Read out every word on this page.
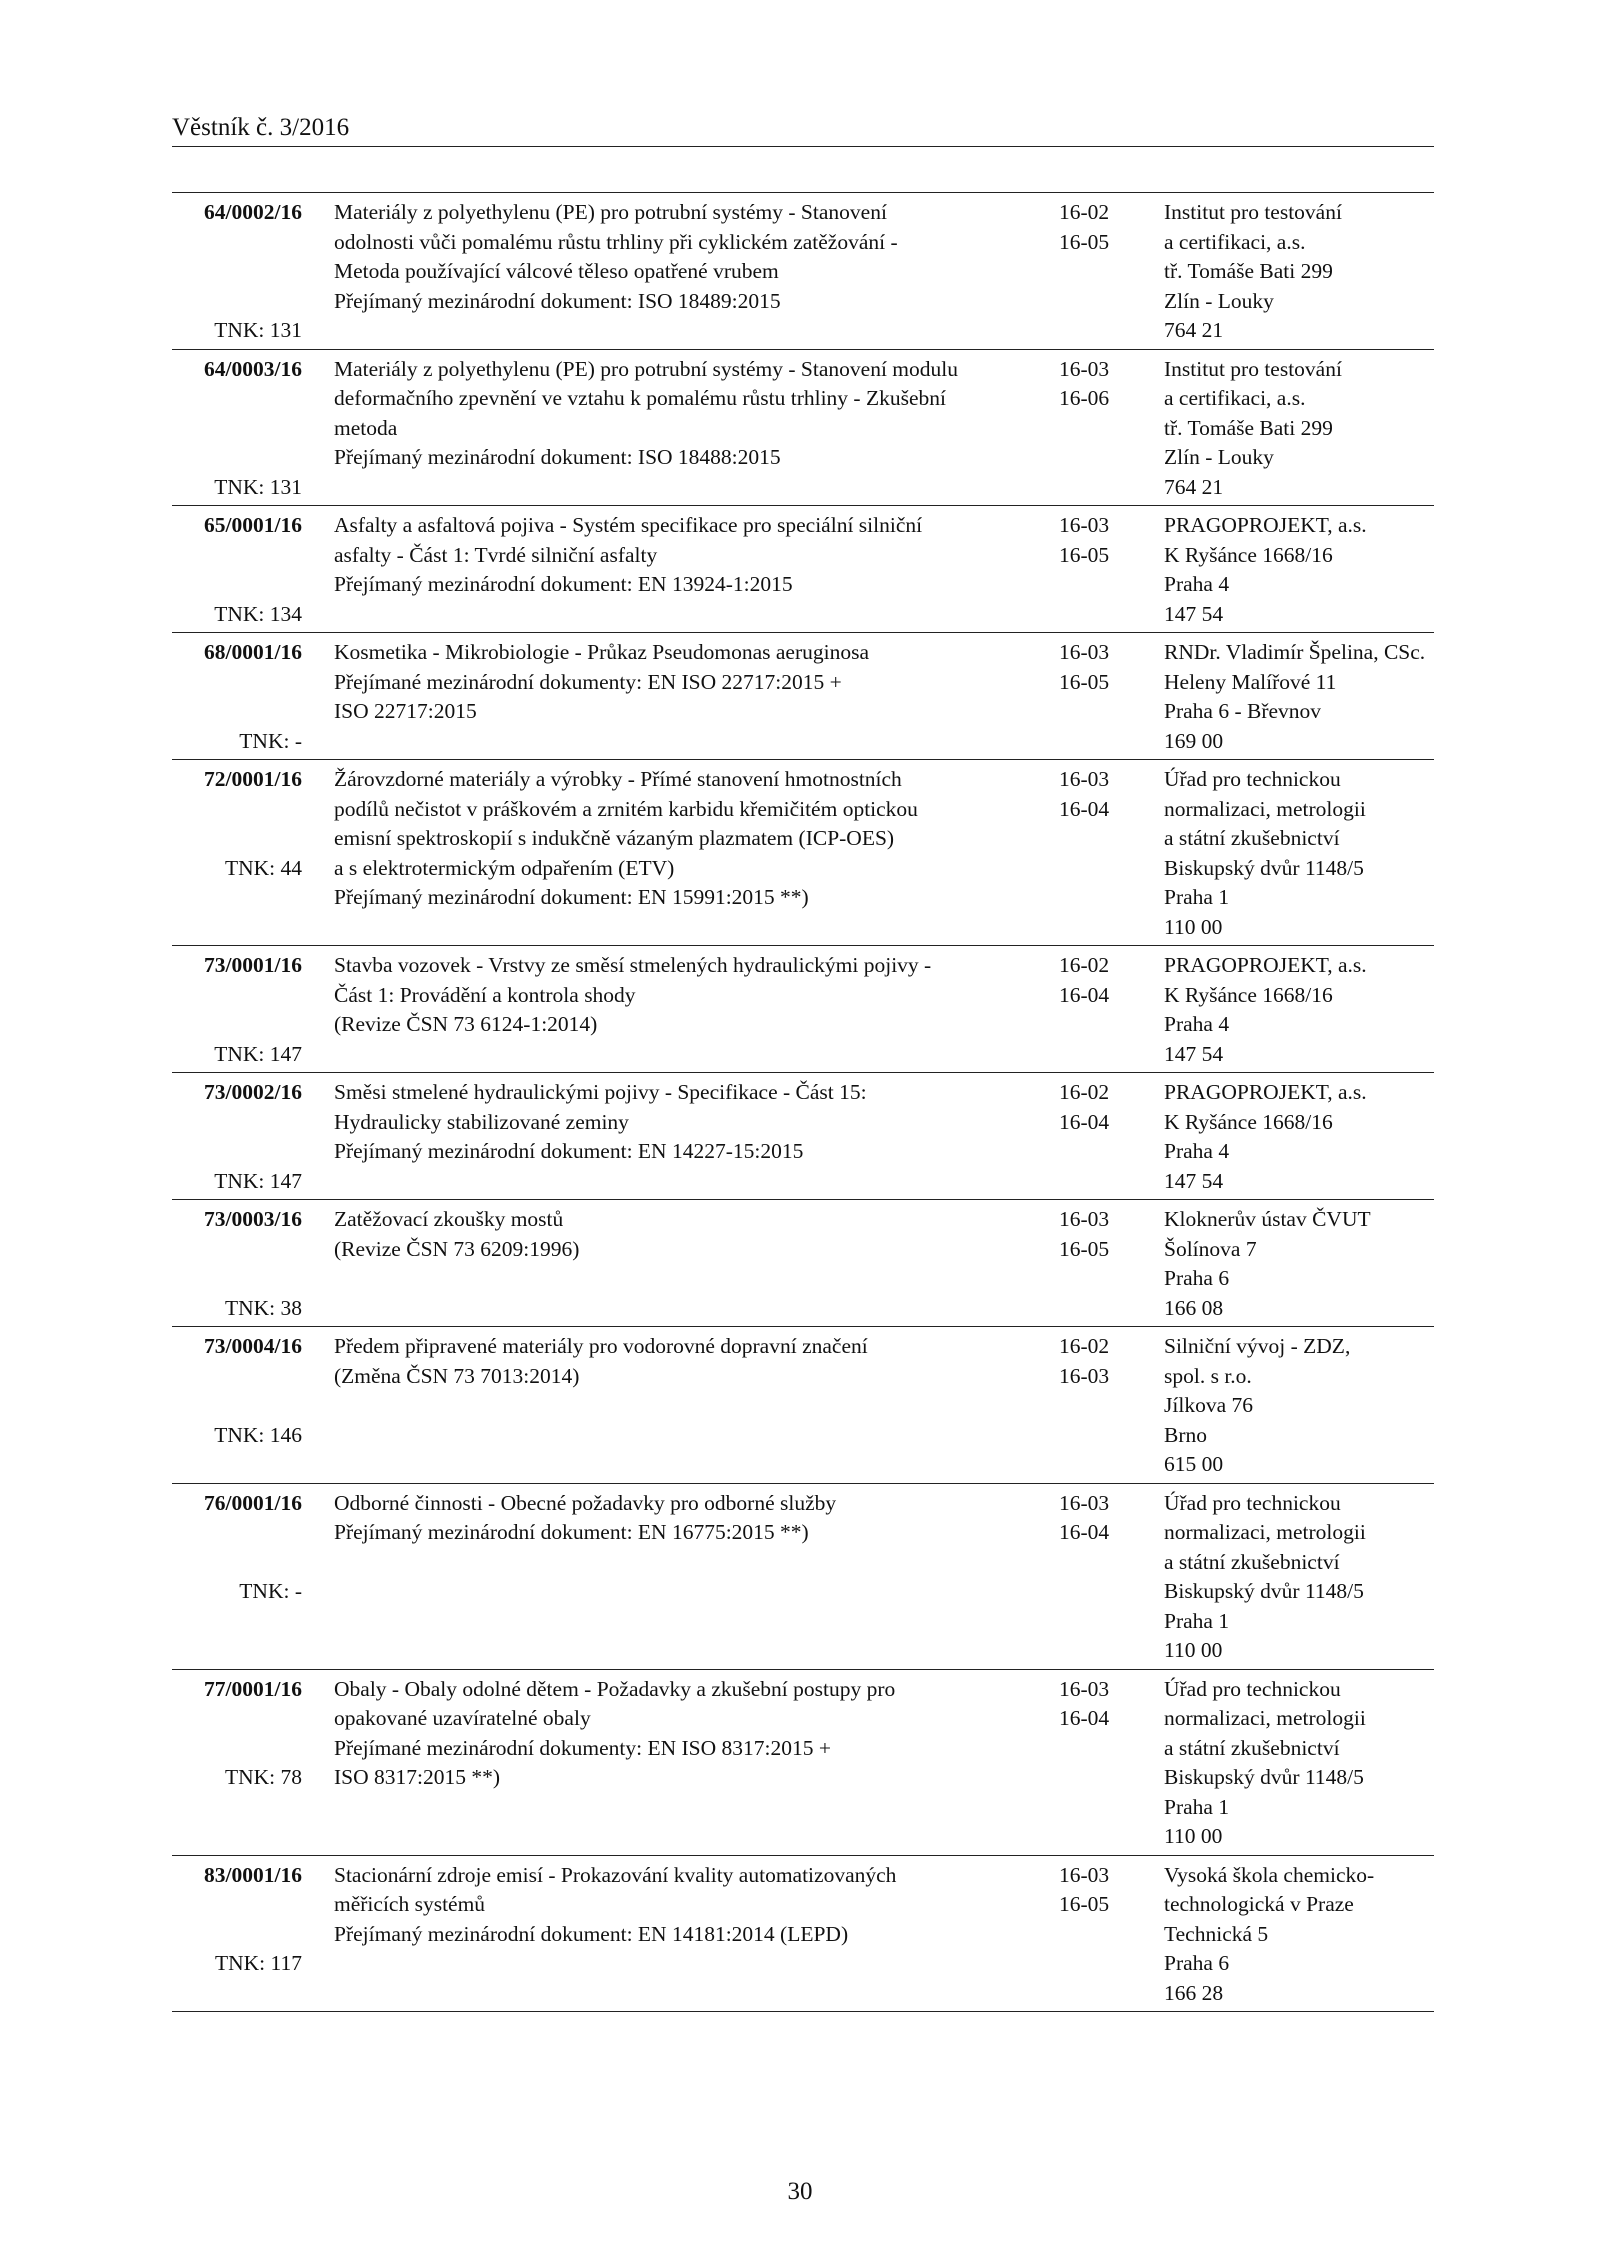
Věstník č. 3/2016
64/0002/16
TNK: 131
Materiály z polyethylenu (PE) pro potrubní systémy - Stanovení
odolnosti vůči pomalému růstu trhliny při cyklickém zatěžování -
Metoda používající válcové těleso opatřené vrubem
Přejímaný mezinárodní dokument: ISO 18489:2015
16-02
16-05
Institut pro testování
a certifikaci, a.s.
tř. Tomáše Bati 299
Zlín - Louky
764 21
64/0003/16
TNK: 131
Materiály z polyethylenu (PE) pro potrubní systémy - Stanovení modulu
deformačního zpevnění ve vztahu k pomalému růstu trhliny - Zkušební
metoda
Přejímaný mezinárodní dokument: ISO 18488:2015
16-03
16-06
Institut pro testování
a certifikaci, a.s.
tř. Tomáše Bati 299
Zlín - Louky
764 21
65/0001/16
TNK: 134
Asfalty a asfaltová pojiva - Systém specifikace pro speciální silniční
asfalty - Část 1: Tvrdé silniční asfalty
Přejímaný mezinárodní dokument: EN 13924-1:2015
16-03
16-05
PRAGOPROJEKT, a.s.
K Ryšánce 1668/16
Praha 4
147 54
68/0001/16
TNK: -
Kosmetika - Mikrobiologie - Průkaz Pseudomonas aeruginosa
Přejímané mezinárodní dokumenty: EN ISO 22717:2015 +
ISO 22717:2015
16-03
16-05
RNDr. Vladimír Špelina, CSc.
Heleny Malířové 11
Praha 6 - Břevnov
169 00
72/0001/16
TNK: 44
Žárovzdorné materiály a výrobky - Přímé stanovení hmotnostních
podílů nečistot v práškovém a zrnitém karbidu křemičitém optickou
emisní spektroskopií s indukčně vázaným plazmatem (ICP-OES)
a s elektrotermickým odpařením (ETV)
Přejímaný mezinárodní dokument: EN 15991:2015 **)
16-03
16-04
Úřad pro technickou
normalizaci, metrologii
a státní zkušebnictví
Biskupský dvůr 1148/5
Praha 1
110 00
73/0001/16
TNK: 147
Stavba vozovek - Vrstvy ze směsí stmelených hydraulickými pojivy -
Část 1: Provádění a kontrola shody
(Revize ČSN 73 6124-1:2014)
16-02
16-04
PRAGOPROJEKT, a.s.
K Ryšánce 1668/16
Praha 4
147 54
73/0002/16
TNK: 147
Směsi stmelené hydraulickými pojivy - Specifikace - Část 15:
Hydraulicky stabilizované zeminy
Přejímaný mezinárodní dokument: EN 14227-15:2015
16-02
16-04
PRAGOPROJEKT, a.s.
K Ryšánce 1668/16
Praha 4
147 54
73/0003/16
TNK: 38
Zatěžovací zkoušky mostů
(Revize ČSN 73 6209:1996)
16-03
16-05
Kloknerův ústav ČVUT
Šolínova 7
Praha 6
166 08
73/0004/16
TNK: 146
Předem připravené materiály pro vodorovné dopravní značení
(Změna ČSN 73 7013:2014)
16-02
16-03
Silniční vývoj - ZDZ,
spol. s r.o.
Jílkova 76
Brno
615 00
76/0001/16
TNK: -
Odborné činnosti - Obecné požadavky pro odborné služby
Přejímaný mezinárodní dokument: EN 16775:2015 **)
16-03
16-04
Úřad pro technickou
normalizaci, metrologii
a státní zkušebnictví
Biskupský dvůr 1148/5
Praha 1
110 00
77/0001/16
TNK: 78
Obaly - Obaly odolné dětem - Požadavky a zkušební postupy pro
opakované uzavíratelné obaly
Přejímané mezinárodní dokumenty: EN ISO 8317:2015 +
ISO 8317:2015 **)
16-03
16-04
Úřad pro technickou
normalizaci, metrologii
a státní zkušebnictví
Biskupský dvůr 1148/5
Praha 1
110 00
83/0001/16
TNK: 117
Stacionární zdroje emisí - Prokazování kvality automatizovaných
měřicích systémů
Přejímaný mezinárodní dokument: EN 14181:2014 (LEPD)
16-03
16-05
Vysoká škola chemicko-
technologická v Praze
Technická 5
Praha 6
166 28
30
